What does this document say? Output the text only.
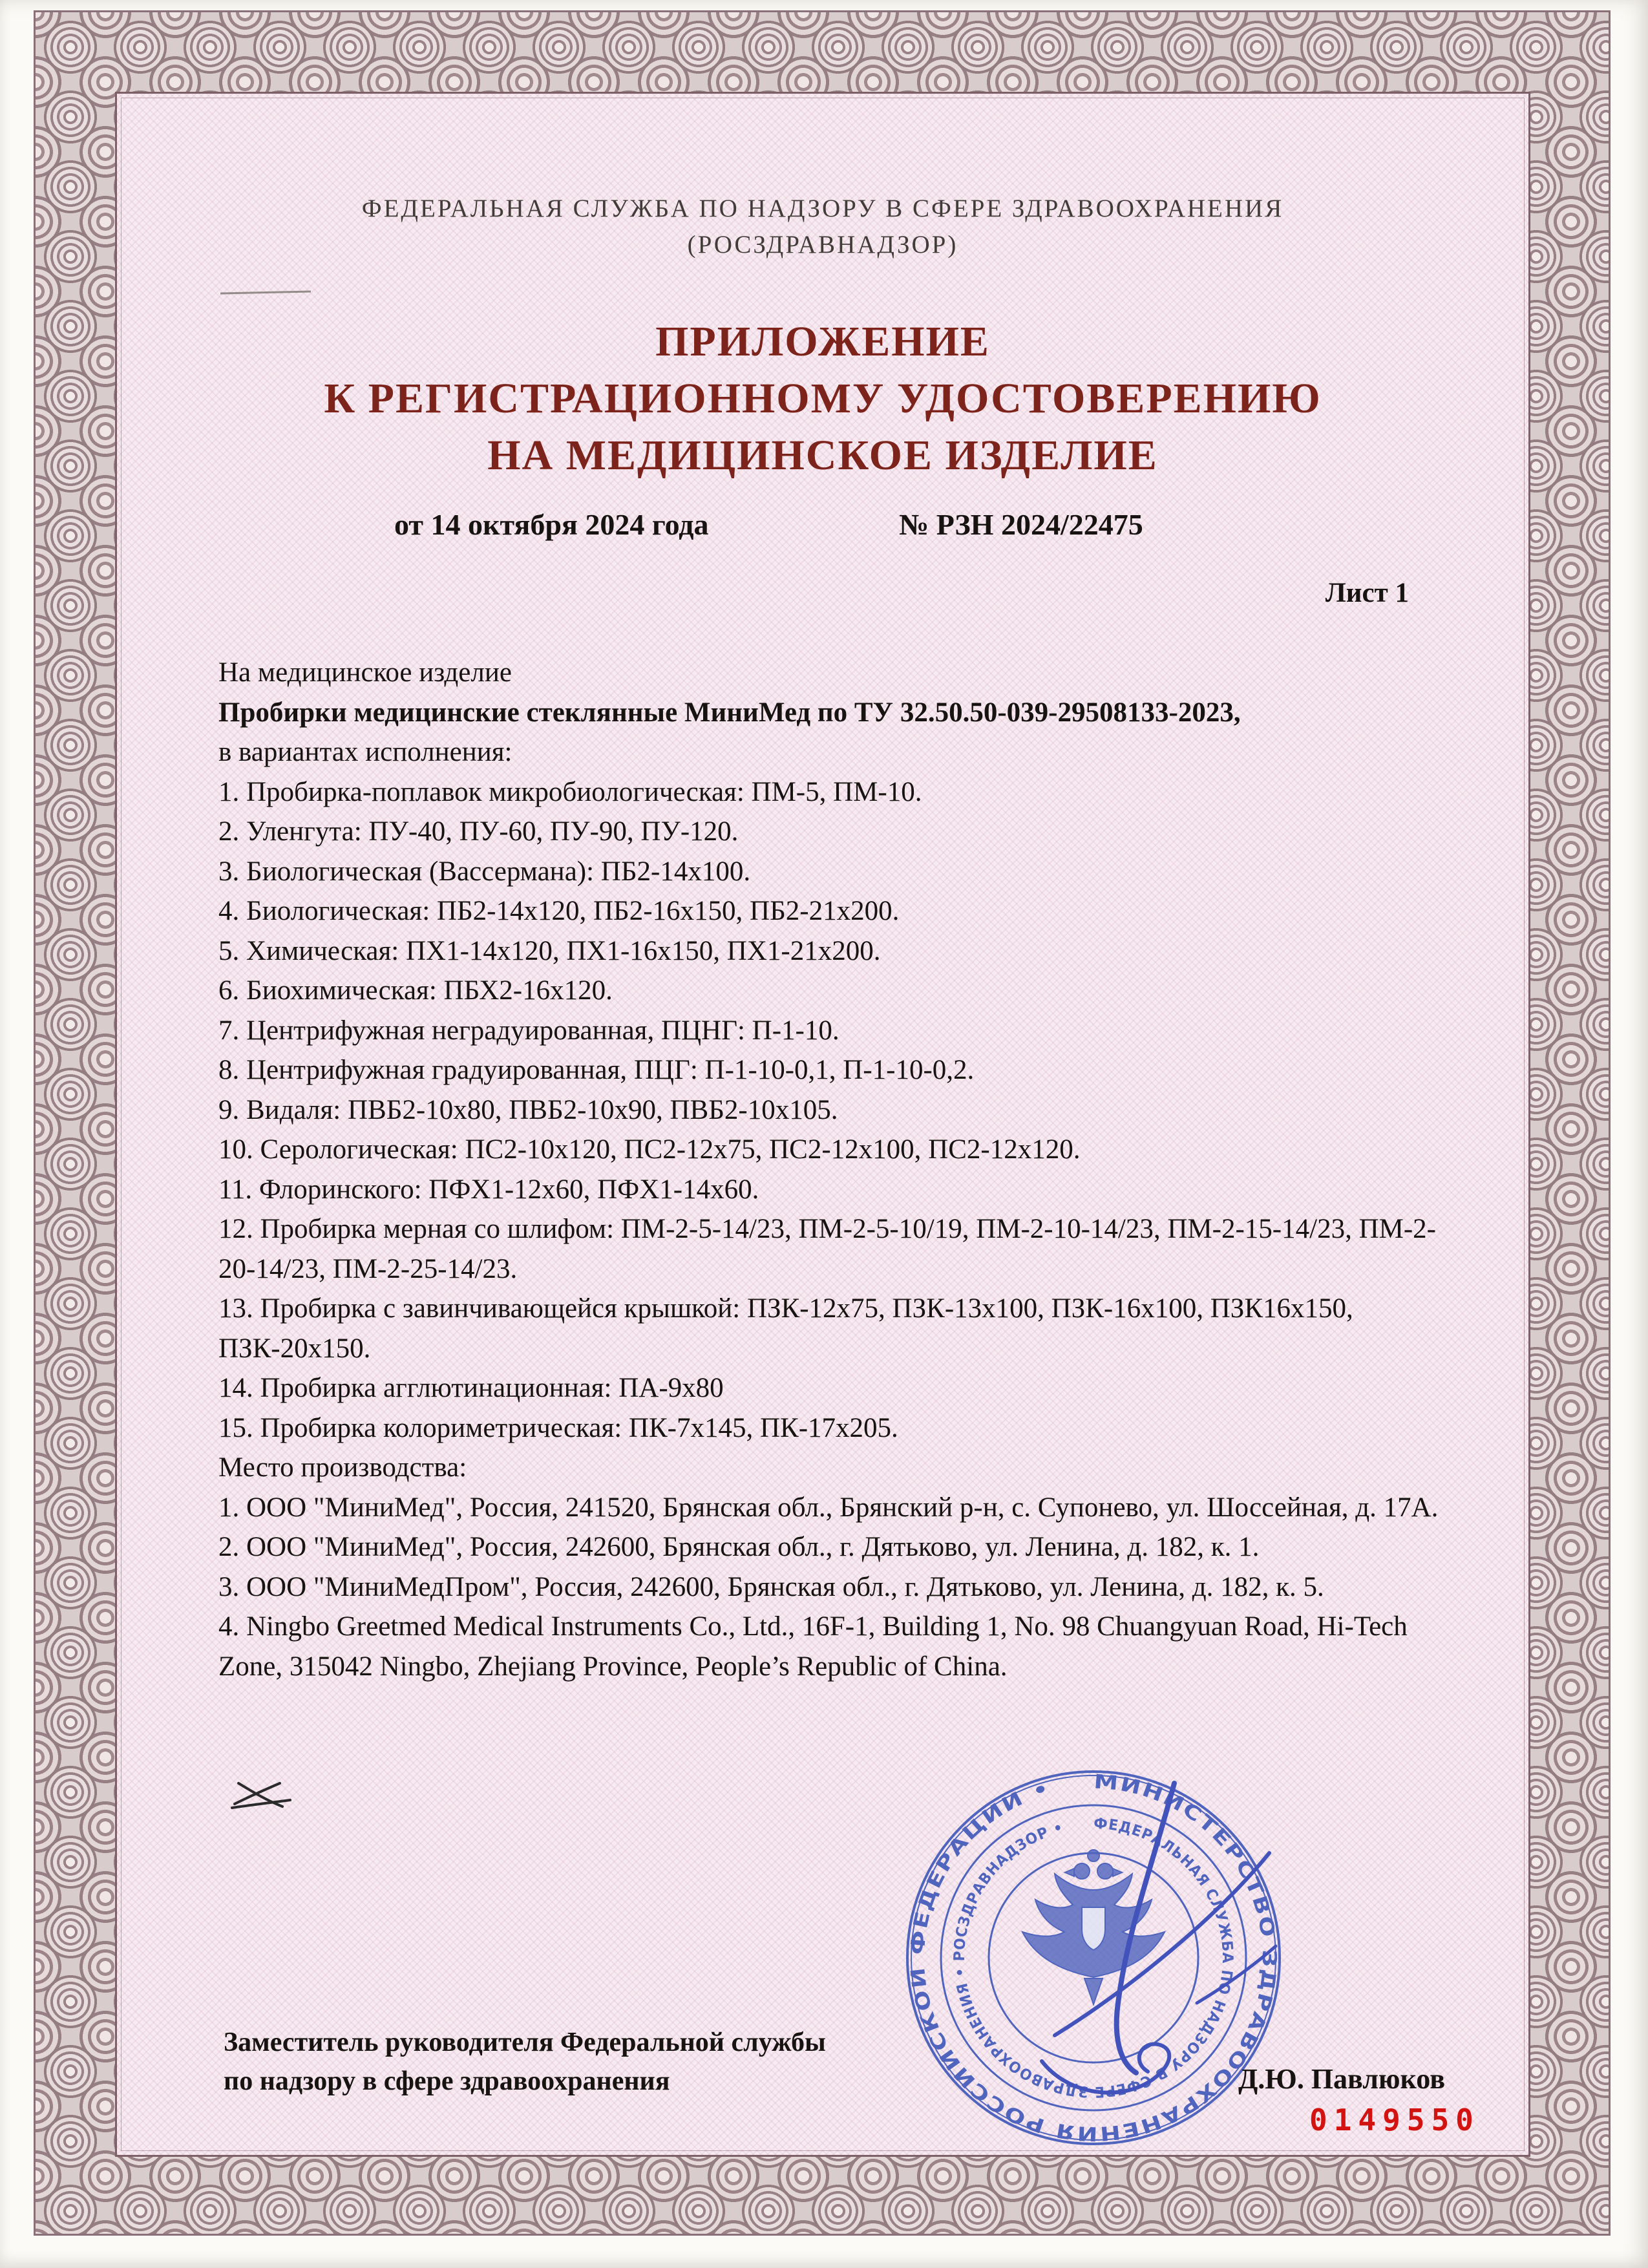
ФЕДЕРАЛЬНАЯ СЛУЖБА ПО НАДЗОРУ В СФЕРЕ ЗДРАВООХРАНЕНИЯ
(РОСЗДРАВНАДЗОР)
ПРИЛОЖЕНИЕ
К РЕГИСТРАЦИОННОМУ УДОСТОВЕРЕНИЮ
НА МЕДИЦИНСКОЕ ИЗДЕЛИЕ
от 14 октября 2024 года	№ РЗН 2024/22475
Лист 1
На медицинское изделие
Пробирки медицинские стеклянные МиниМед по ТУ 32.50.50-039-29508133-2023,
в вариантах исполнения:
1. Пробирка-поплавок микробиологическая: ПМ-5, ПМ-10.
2. Уленгута: ПУ-40, ПУ-60, ПУ-90, ПУ-120.
3. Биологическая (Вассермана): ПБ2-14х100.
4. Биологическая: ПБ2-14х120, ПБ2-16х150, ПБ2-21х200.
5. Химическая: ПХ1-14х120, ПХ1-16х150, ПХ1-21х200.
6. Биохимическая: ПБХ2-16х120.
7. Центрифужная неградуированная, ПЦНГ: П-1-10.
8. Центрифужная градуированная, ПЦГ: П-1-10-0,1, П-1-10-0,2.
9. Видаля: ПВБ2-10х80, ПВБ2-10х90, ПВБ2-10х105.
10. Серологическая: ПС2-10х120, ПС2-12х75, ПС2-12х100, ПС2-12х120.
11. Флоринского: ПФХ1-12х60, ПФХ1-14х60.
12. Пробирка мерная со шлифом: ПМ-2-5-14/23, ПМ-2-5-10/19, ПМ-2-10-14/23, ПМ-2-15-14/23, ПМ-2-20-14/23, ПМ-2-25-14/23.
13. Пробирка с завинчивающейся крышкой: ПЗК-12х75, ПЗК-13х100, ПЗК-16х100, ПЗК16х150, ПЗК-20х150.
14. Пробирка агглютинационная: ПА-9х80
15. Пробирка колориметрическая: ПК-7х145, ПК-17х205.
Место производства:
1. ООО "МиниМед", Россия, 241520, Брянская обл., Брянский р-н, с. Супонево, ул. Шоссейная, д. 17А.
2. ООО "МиниМед", Россия, 242600, Брянская обл., г. Дятьково, ул. Ленина, д. 182, к. 1.
3. ООО "МиниМедПром", Россия, 242600, Брянская обл., г. Дятьково, ул. Ленина, д. 182, к. 5.
4. Ningbo Greetmed Medical Instruments Co., Ltd., 16F-1, Building 1, No. 98 Chuangyuan Road, Hi-Tech Zone, 315042 Ningbo, Zhejiang Province, People’s Republic of China.
МИНИСТЕРСТВО ЗДРАВООХРАНЕНИЯ РОССИЙСКОЙ ФЕДЕРАЦИИ •
ФЕДЕРАЛЬНАЯ СЛУЖБА ПО НАДЗОРУ В СФЕРЕ ЗДРАВООХРАНЕНИЯ • РОСЗДРАВНАДЗОР •
Заместитель руководителя Федеральной службы
по надзору в сфере здравоохранения	Д.Ю. Павлюков
0149550
